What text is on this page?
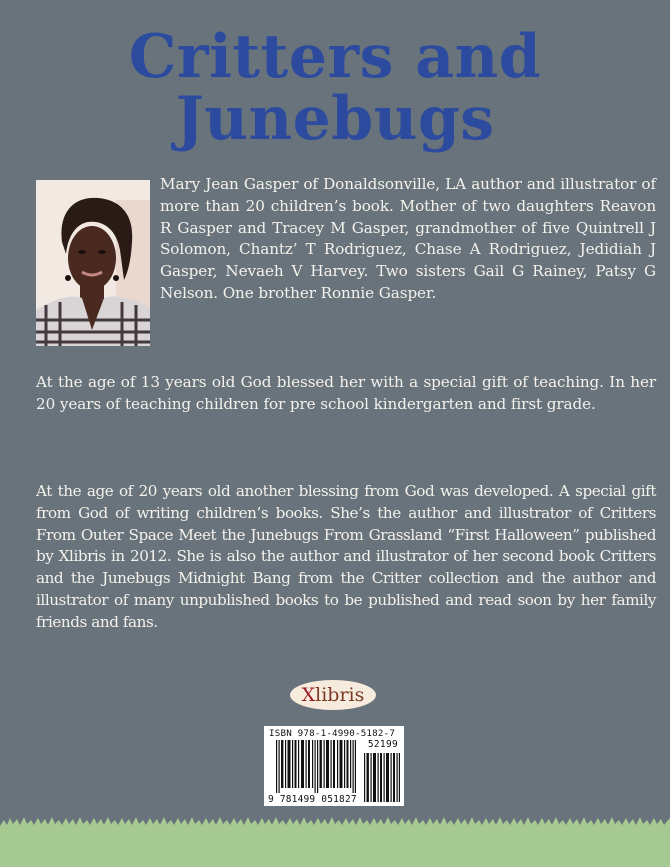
Critters and
Junebugs

Mary Jean Gasper of Donaldsonville, LA author and illustrator of more than 20 children’s book. Mother of two daughters Reavon R Gasper and Tracey M Gasper, grandmother of five Quintrell J Solomon, Chantz’ T Rodriguez, Chase A Rodriguez, Jedidiah J Gasper, Nevaeh V Harvey. Two sisters Gail G Rainey, Patsy G Nelson. One brother Ronnie Gasper.

At the age of 13 years old God blessed her with a special gift of teaching. In her 20 years of teaching children for pre school kindergarten and first grade.

At the age of 20 years old another blessing from God was developed. A special gift from God of writing children’s books. She’s the author and illustrator of Critters From Outer Space Meet the Junebugs From Grassland “First Halloween” published by Xlibris in 2012. She is also the author and illustrator of her second book Critters and the Junebugs Midnight Bang from the Critter collection and the author and illustrator of many unpublished books to be published and read soon by her family friends and fans.

X libris
ISBN 978-1-4990-5182-7
52199
9 781499 051827
